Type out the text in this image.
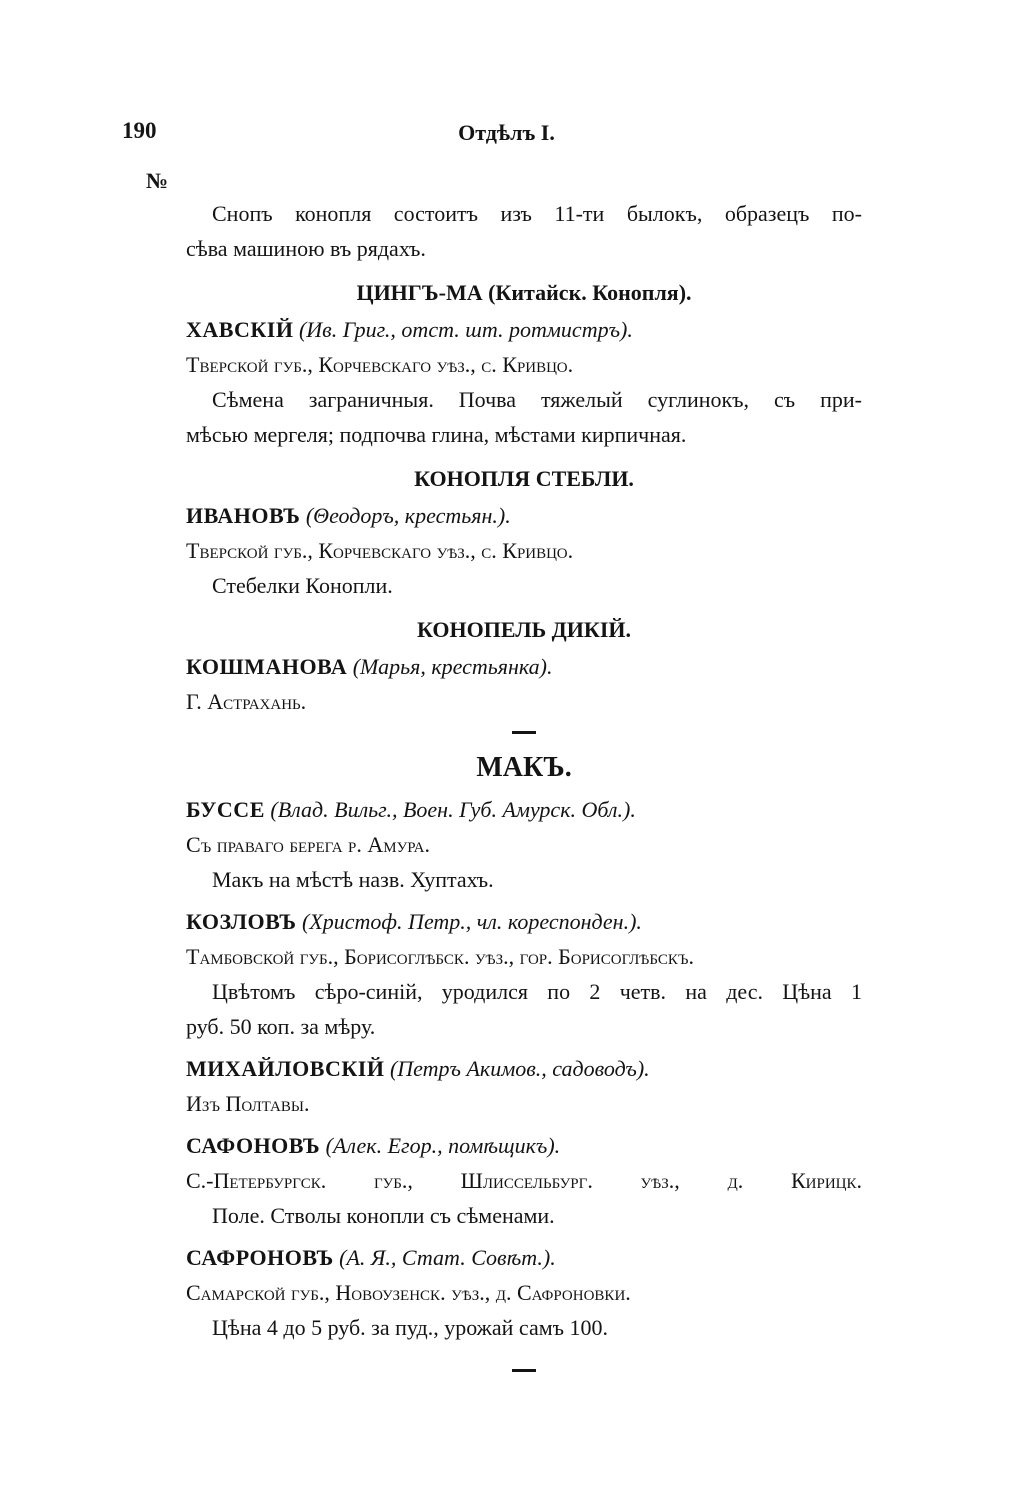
190	Отдѣлъ I.
№
Снопъ конопля состоитъ изъ 11-ти былокъ, образецъ по-
сѣва машиною въ рядахъ.
ЦИНГЪ-МА (Китайск. Конопля).
ХАВСКІЙ (Ив. Григ., отст. шт. ротмистръ).
Тверской губ., Корчевскаго уѣз., с. Кривцо.
Сѣмена заграничныя. Почва тяжелый суглинокъ, съ при-
мѣсью мергеля; подпочва глина, мѣстами кирпичная.
КОНОПЛЯ СТЕБЛИ.
ИВАНОВЪ (Θеодоръ, крестьян.).
Тверской губ., Корчевскаго уѣз., с. Кривцо.
Стебелки Конопли.
КОНОПЕЛЬ ДИКІЙ.
КОШМАНОВА (Марья, крестьянка).
Г. Астрахань.
МАКЪ.
БУССЕ (Влад. Вильг., Воен. Губ. Амурск. Обл.).
Съ праваго берега р. Амура.
Макъ на мѣстѣ назв. Хуптахъ.
КОЗЛОВЪ (Христоф. Петр., чл. кореспонден.).
Тамбовской губ., Борисоглѣбск. уѣз., гор. Борисоглѣбскъ.
Цвѣтомъ сѣро-синій, уродился по 2 четв. на дес. Цѣна 1
руб. 50 коп. за мѣру.
МИХАЙЛОВСКІЙ (Петръ Акимов., садоводъ).
Изъ Полтавы.
САФОНОВЪ (Алек. Егор., помѣщикъ).
С.-Петербургск. губ., Шлиссельбург. уѣз., д. Кирицк.
Поле. Стволы конопли съ сѣменами.
САФРОНОВЪ (А. Я., Стат. Совѣт.).
Самарской губ., Новоузенск. уѣз., д. Сафроновки.
Цѣна 4 до 5 руб. за пуд., урожай самъ 100.
